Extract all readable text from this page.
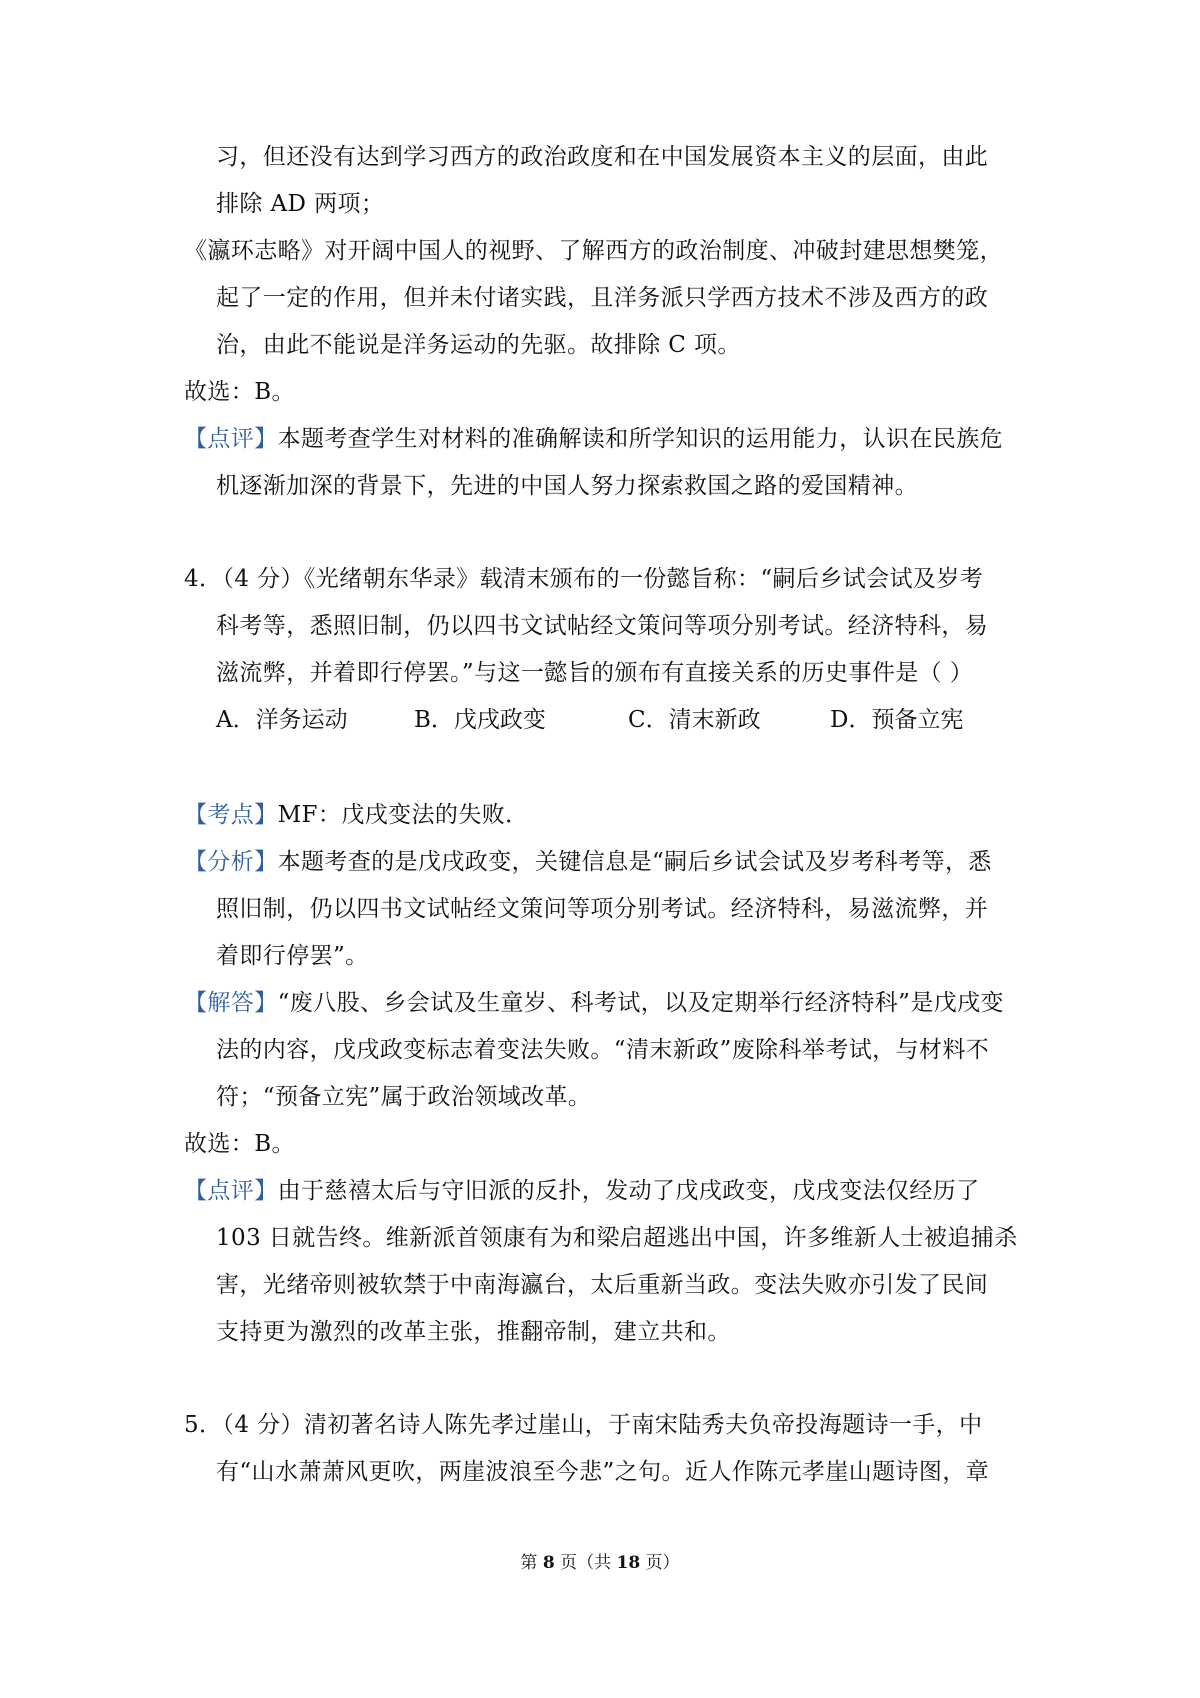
习，但还没有达到学习西方的政治政度和在中国发展资本主义的层面，由此
排除 AD 两项；
《瀛环志略》对开阔中国人的视野、了解西方的政治制度、冲破封建思想樊笼，
起了一定的作用，但并未付诸实践，且洋务派只学西方技术不涉及西方的政
治，由此不能说是洋务运动的先驱。故排除 C 项。
故选：B。
【点评】本题考查学生对材料的准确解读和所学知识的运用能力，认识在民族危
机逐渐加深的背景下，先进的中国人努力探索救国之路的爱国精神。
4．（4 分）《光绪朝东华录》载清末颁布的一份懿旨称：“嗣后乡试会试及岁考
科考等，悉照旧制，仍以四书文试帖经文策问等项分别考试。经济特科，易
滋流弊，并着即行停罢。”与这一懿旨的颁布有直接关系的历史事件是（ ）
A．洋务运动	B．戊戌政变	C．清末新政	D．预备立宪
【考点】MF：戊戌变法的失败．
【分析】本题考查的是戊戌政变，关键信息是“嗣后乡试会试及岁考科考等，悉
照旧制，仍以四书文试帖经文策问等项分别考试。经济特科，易滋流弊，并
着即行停罢”。
【解答】“废八股、乡会试及生童岁、科考试，以及定期举行经济特科”是戊戌变
法的内容，戊戌政变标志着变法失败。“清末新政”废除科举考试，与材料不
符；“预备立宪”属于政治领域改革。
故选：B。
【点评】由于慈禧太后与守旧派的反扑，发动了戊戌政变，戊戌变法仅经历了
103 日就告终。维新派首领康有为和梁启超逃出中国，许多维新人士被追捕杀
害，光绪帝则被软禁于中南海瀛台，太后重新当政。变法失败亦引发了民间
支持更为激烈的改革主张，推翻帝制，建立共和。
5．（4 分）清初著名诗人陈先孝过崖山，于南宋陆秀夫负帝投海题诗一手，中
有“山水萧萧风更吹，两崖波浪至今悲”之句。近人作陈元孝崖山题诗图，章
第 8 页（共 18 页）
